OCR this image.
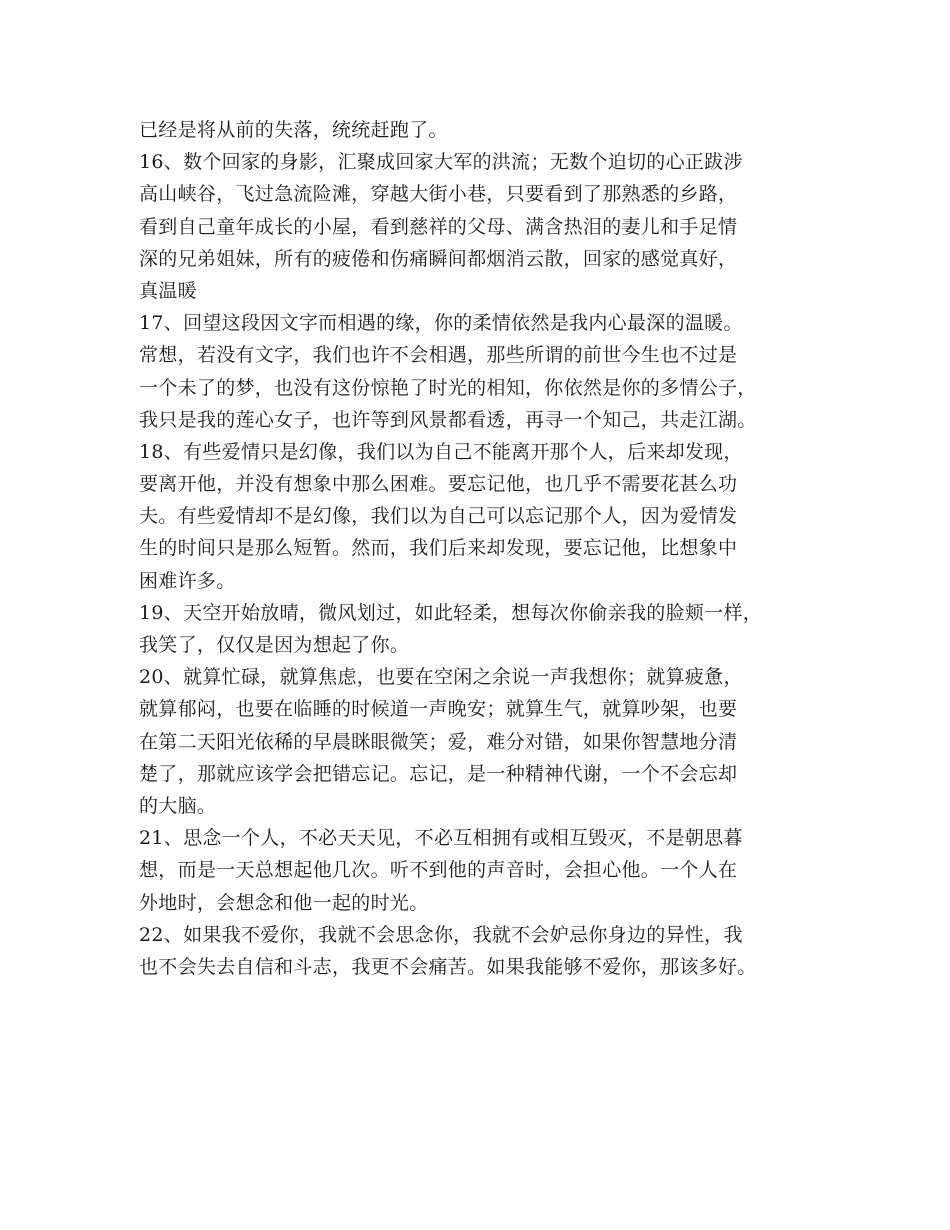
已经是将从前的失落，统统赶跑了。
16、数个回家的身影，汇聚成回家大军的洪流；无数个迫切的心正跋涉
高山峡谷，飞过急流险滩，穿越大街小巷，只要看到了那熟悉的乡路，
看到自己童年成长的小屋，看到慈祥的父母、满含热泪的妻儿和手足情
深的兄弟姐妹，所有的疲倦和伤痛瞬间都烟消云散，回家的感觉真好，
真温暖
17、回望这段因文字而相遇的缘，你的柔情依然是我内心最深的温暖。
常想，若没有文字，我们也许不会相遇，那些所谓的前世今生也不过是
一个未了的梦，也没有这份惊艳了时光的相知，你依然是你的多情公子，
我只是我的莲心女子，也许等到风景都看透，再寻一个知己，共走江湖。
18、有些爱情只是幻像，我们以为自己不能离开那个人，后来却发现，
要离开他，并没有想象中那么困难。要忘记他，也几乎不需要花甚么功
夫。有些爱情却不是幻像，我们以为自己可以忘记那个人，因为爱情发
生的时间只是那么短暂。然而，我们后来却发现，要忘记他，比想象中
困难许多。
19、天空开始放晴，微风划过，如此轻柔，想每次你偷亲我的脸颊一样，
我笑了，仅仅是因为想起了你。
20、就算忙碌，就算焦虑，也要在空闲之余说一声我想你；就算疲惫，
就算郁闷，也要在临睡的时候道一声晚安；就算生气，就算吵架，也要
在第二天阳光依稀的早晨眯眼微笑；爱，难分对错，如果你智慧地分清
楚了，那就应该学会把错忘记。忘记，是一种精神代谢，一个不会忘却
的大脑。
21、思念一个人，不必天天见，不必互相拥有或相互毁灭，不是朝思暮
想，而是一天总想起他几次。听不到他的声音时，会担心他。一个人在
外地时，会想念和他一起的时光。
22、如果我不爱你，我就不会思念你，我就不会妒忌你身边的异性，我
也不会失去自信和斗志，我更不会痛苦。如果我能够不爱你，那该多好。
